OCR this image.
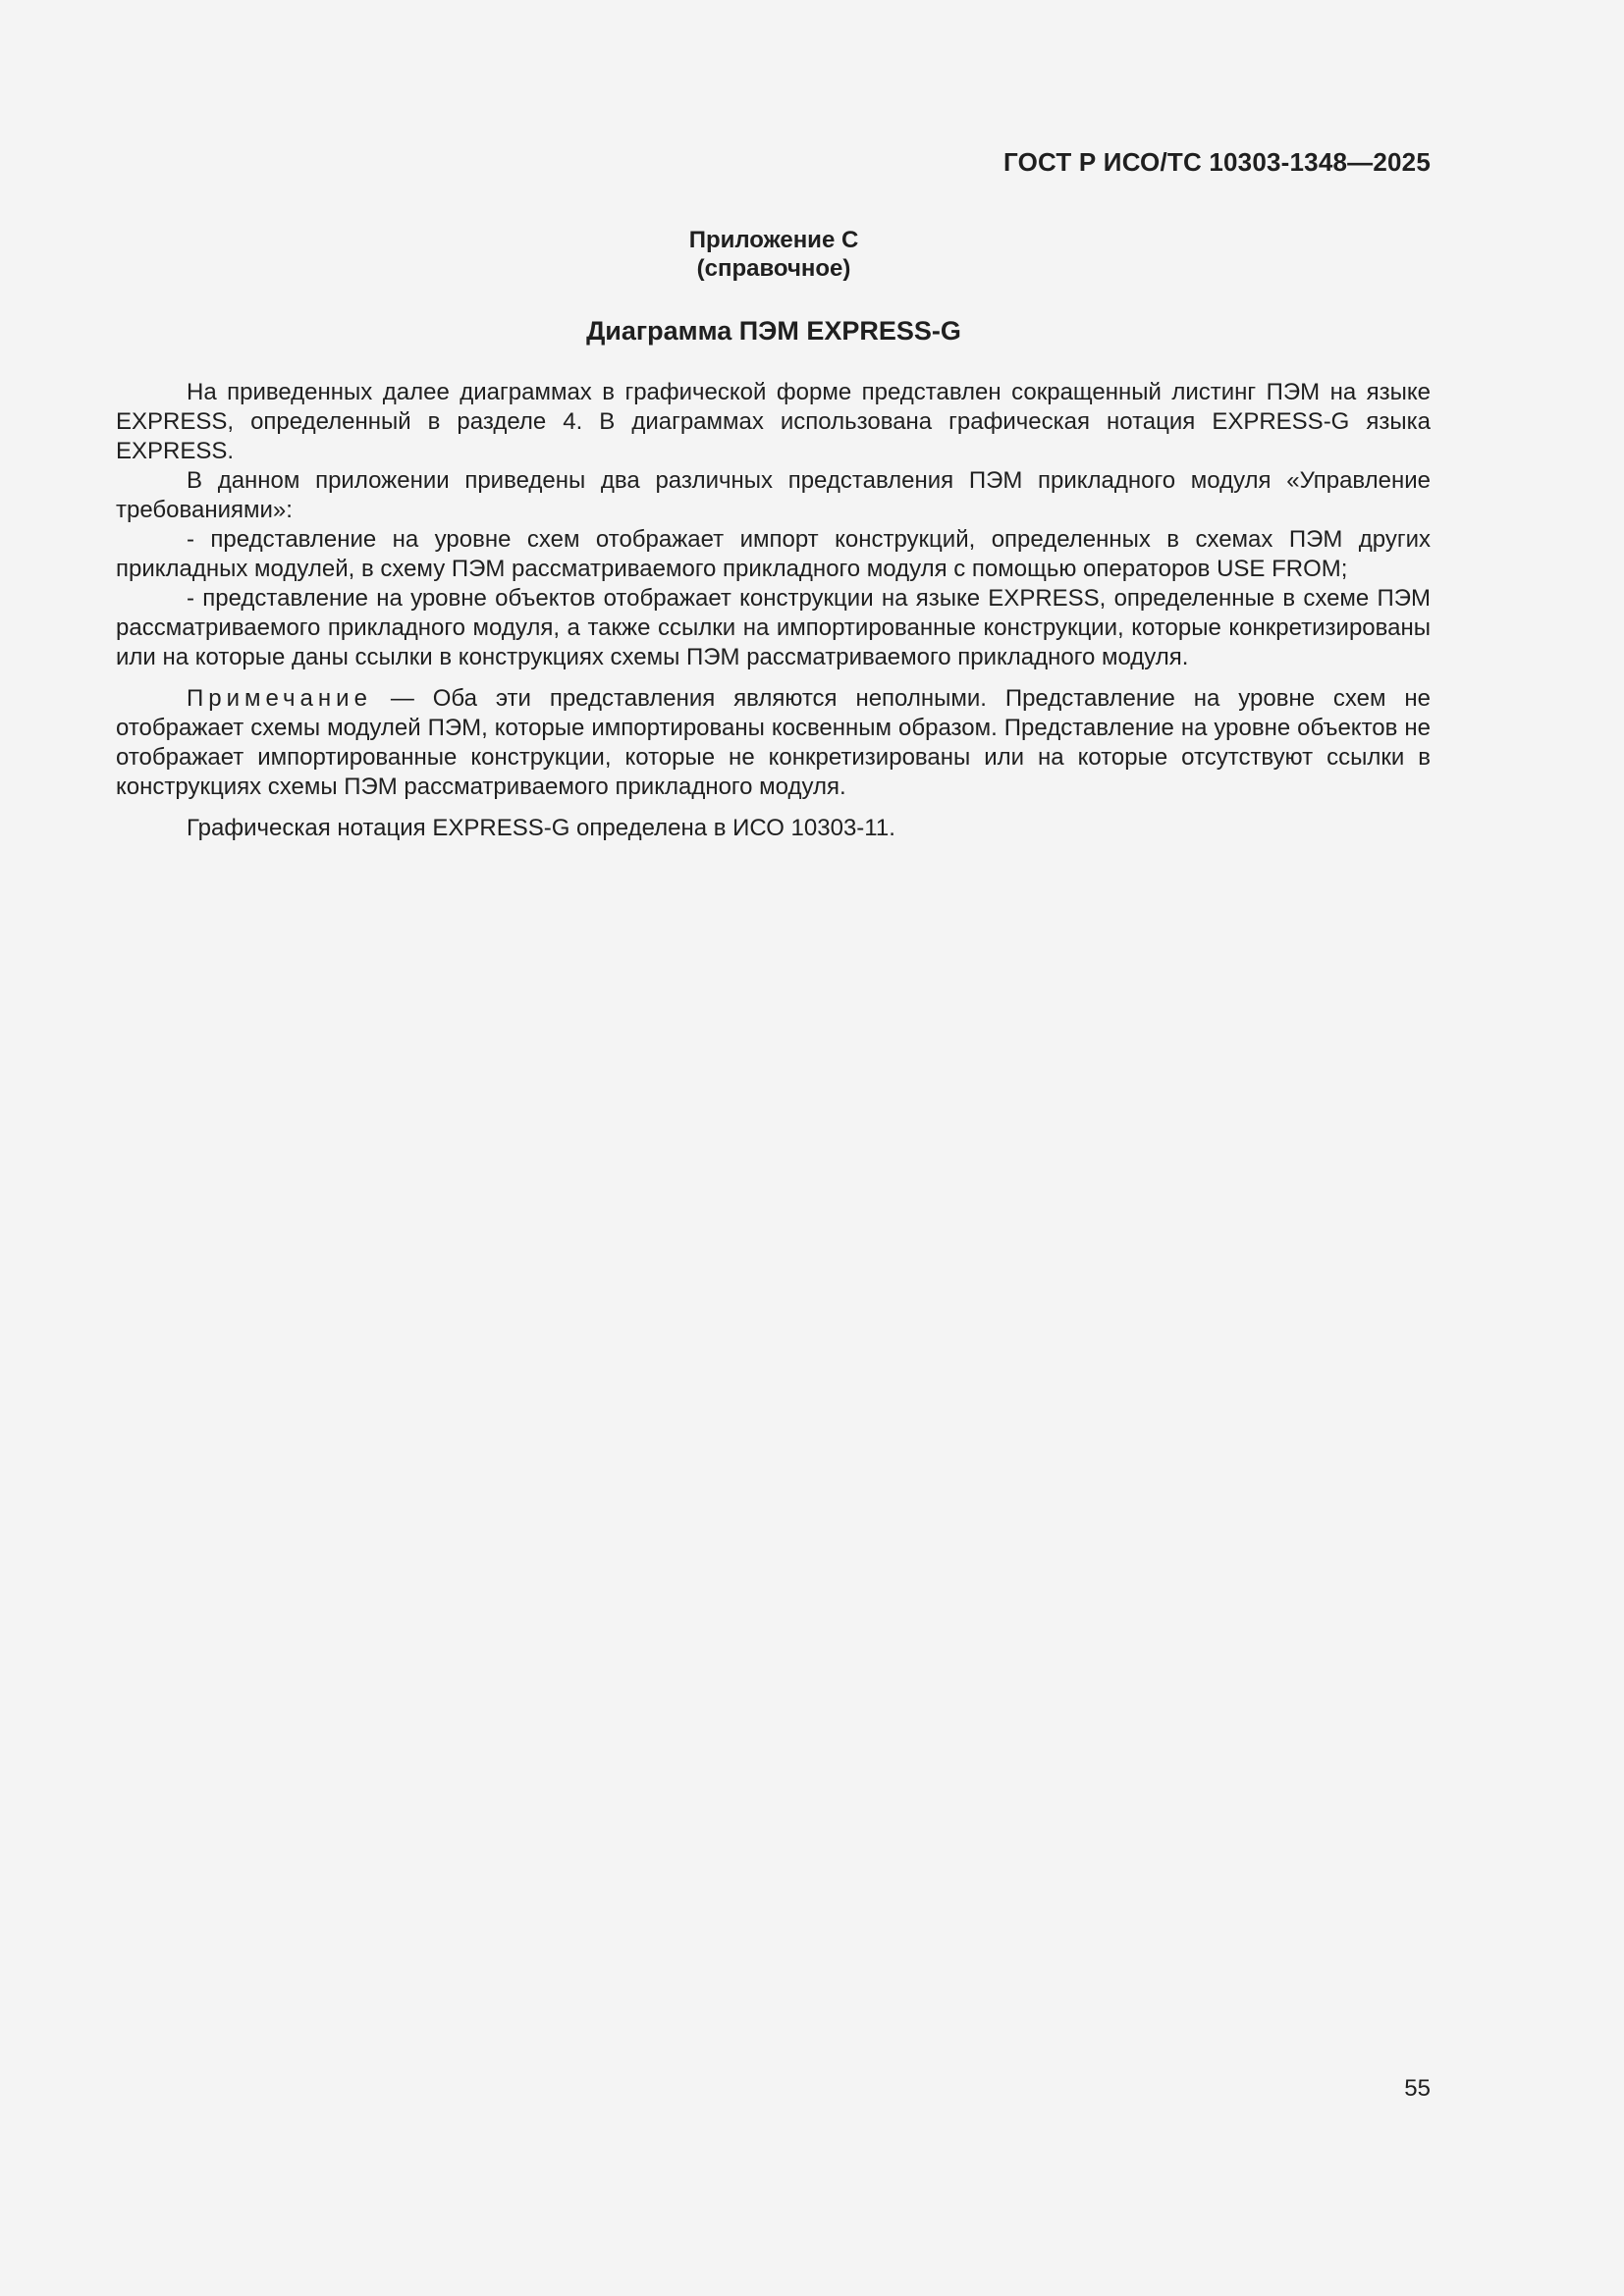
ГОСТ Р ИСО/ТС 10303-1348—2025
Приложение С
(справочное)
Диаграмма ПЭМ EXPRESS-G

На приведенных далее диаграммах в графической форме представлен сокращенный листинг ПЭМ на языке EXPRESS, определенный в разделе 4. В диаграммах использована графическая нотация EXPRESS-G языка EXPRESS.

В данном приложении приведены два различных представления ПЭМ прикладного модуля «Управление требованиями»:

- представление на уровне схем отображает импорт конструкций, определенных в схемах ПЭМ других прикладных модулей, в схему ПЭМ рассматриваемого прикладного модуля с помощью операторов USE FROM;

- представление на уровне объектов отображает конструкции на языке EXPRESS, определенные в схеме ПЭМ рассматриваемого прикладного модуля, а также ссылки на импортированные конструкции, которые конкретизированы или на которые даны ссылки в конструкциях схемы ПЭМ рассматриваемого прикладного модуля.

Примечание — Оба эти представления являются неполными. Представление на уровне схем не отображает схемы модулей ПЭМ, которые импортированы косвенным образом. Представление на уровне объектов не отображает импортированные конструкции, которые не конкретизированы или на которые отсутствуют ссылки в конструкциях схемы ПЭМ рассматриваемого прикладного модуля.

Графическая нотация EXPRESS-G определена в ИСО 10303-11.

55
